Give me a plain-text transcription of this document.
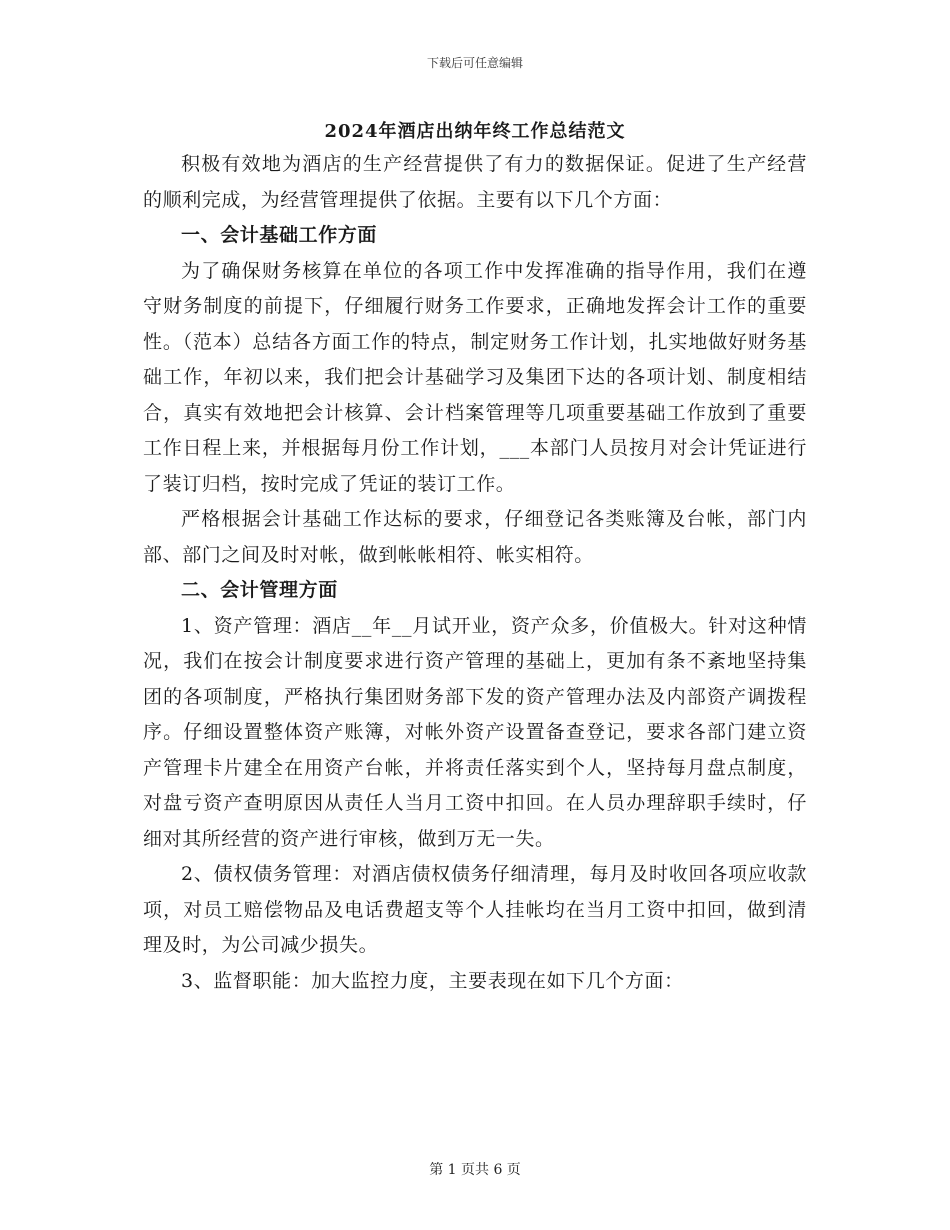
下载后可任意编辑
2024年酒店出纳年终工作总结范文

积极有效地为酒店的生产经营提供了有力的数据保证。促进了生产经营的顺利完成，为经营管理提供了依据。主要有以下几个方面：

一、会计基础工作方面

为了确保财务核算在单位的各项工作中发挥准确的指导作用，我们在遵守财务制度的前提下，仔细履行财务工作要求，正确地发挥会计工作的重要性。（范本）总结各方面工作的特点，制定财务工作计划，扎实地做好财务基础工作，年初以来，我们把会计基础学习及集团下达的各项计划、制度相结合，真实有效地把会计核算、会计档案管理等几项重要基础工作放到了重要工作日程上来，并根据每月份工作计划，___本部门人员按月对会计凭证进行了装订归档，按时完成了凭证的装订工作。

严格根据会计基础工作达标的要求，仔细登记各类账簿及台帐，部门内部、部门之间及时对帐，做到帐帐相符、帐实相符。

二、会计管理方面

1、资产管理：酒店__年__月试开业，资产众多，价值极大。针对这种情况，我们在按会计制度要求进行资产管理的基础上，更加有条不紊地坚持集团的各项制度，严格执行集团财务部下发的资产管理办法及内部资产调拨程序。仔细设置整体资产账簿，对帐外资产设置备查登记，要求各部门建立资产管理卡片建全在用资产台帐，并将责任落实到个人，坚持每月盘点制度，对盘亏资产查明原因从责任人当月工资中扣回。在人员办理辞职手续时，仔细对其所经营的资产进行审核，做到万无一失。

2、债权债务管理：对酒店债权债务仔细清理，每月及时收回各项应收款项，对员工赔偿物品及电话费超支等个人挂帐均在当月工资中扣回，做到清理及时，为公司减少损失。

3、监督职能：加大监控力度，主要表现在如下几个方面：

第 1 页共 6 页
